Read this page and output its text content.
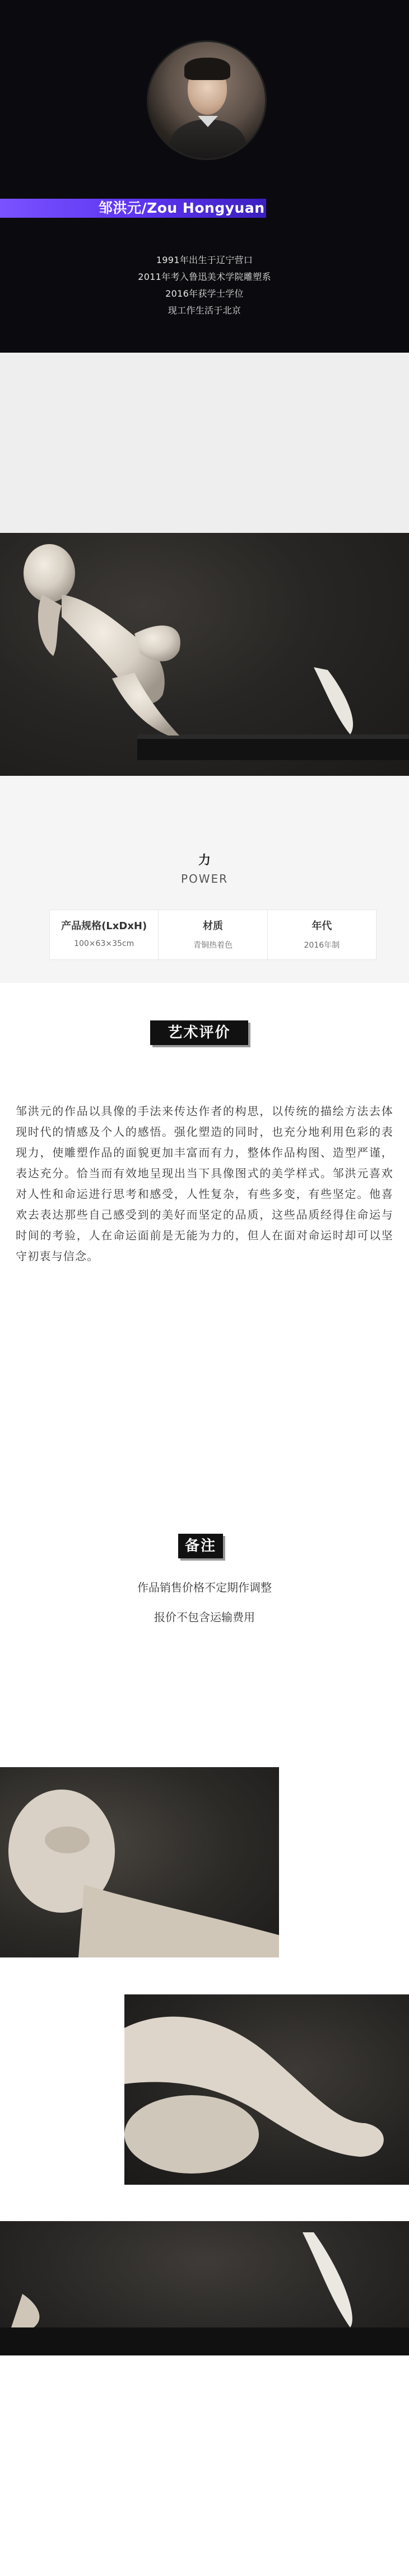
邹洪元/Zou Hongyuan
1991年出生于辽宁营口
2011年考入鲁迅美术学院雕塑系
2016年获学士学位
现工作生活于北京
力
POWER
产品规格(LxDxH)
100×63×35cm
材质
青铜热着色
年代
2016年制
艺术评价
邹洪元的作品以具像的手法来传达作者的构思，以传统的描绘方法去体现时代的情感及个人的感悟。强化塑造的同时，也充分地利用色彩的表现力，使雕塑作品的面貌更加丰富而有力，整体作品构图、造型严谨，表达充分。恰当而有效地呈现出当下具像图式的美学样式。邹洪元喜欢对人性和命运进行思考和感受，人性复杂，有些多变，有些坚定。他喜欢去表达那些自己感受到的美好而坚定的品质，这些品质经得住命运与时间的考验，人在命运面前是无能为力的，但人在面对命运时却可以坚守初衷与信念。
备注
作品销售价格不定期作调整
报价不包含运输费用
